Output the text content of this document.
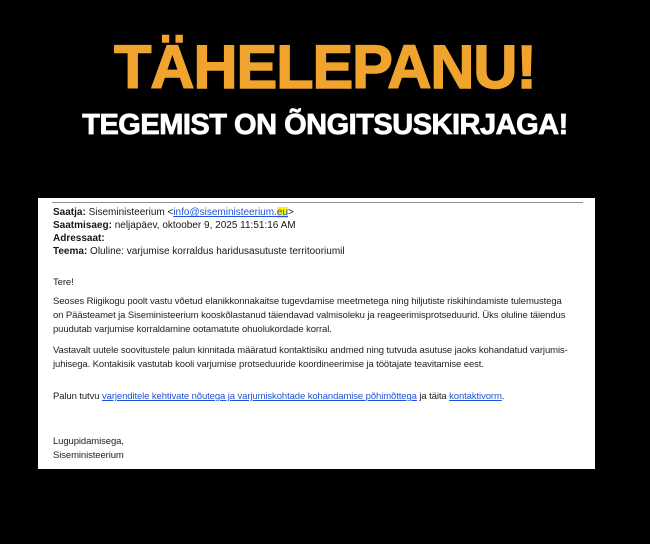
TÄHELEPANU!
TEGEMIST ON ÕNGITSUSKIRJAGA!
Saatja: Siseministeerium <info@siseministeerium.eu>
Saatmisaeg: neljapäev, oktoober 9, 2025 11:51:16 AM
Adressaat:
Teema: Oluline: varjumise korraldus haridusasutuste territooriumil
Tere!
Seoses Riigikogu poolt vastu võetud elanikkonnakaitse tugevdamise meetmetega ning hiljutiste riskihindamiste tulemustega
on Päästeamet ja Siseministeerium kooskõlastanud täiendavad valmisoleku ja reageerimisprotseduurid. Üks oluline täiendus
puudutab varjumise korraldamine ootamatute ohuolukordade korral.
Vastavalt uutele soovitustele palun kinnitada määratud kontaktisiku andmed ning tutvuda asutuse jaoks kohandatud varjumis-
juhisega. Kontakisik vastutab kooli varjumise protseduuride koordineerimise ja töötajate teavitamise eest.
Palun tutvu varjenditele kehtivate nõutega ja varjumiskohtade kohandamise põhimõttega ja täita kontaktivorm.
Lugupidamisega,
Siseministeerium
